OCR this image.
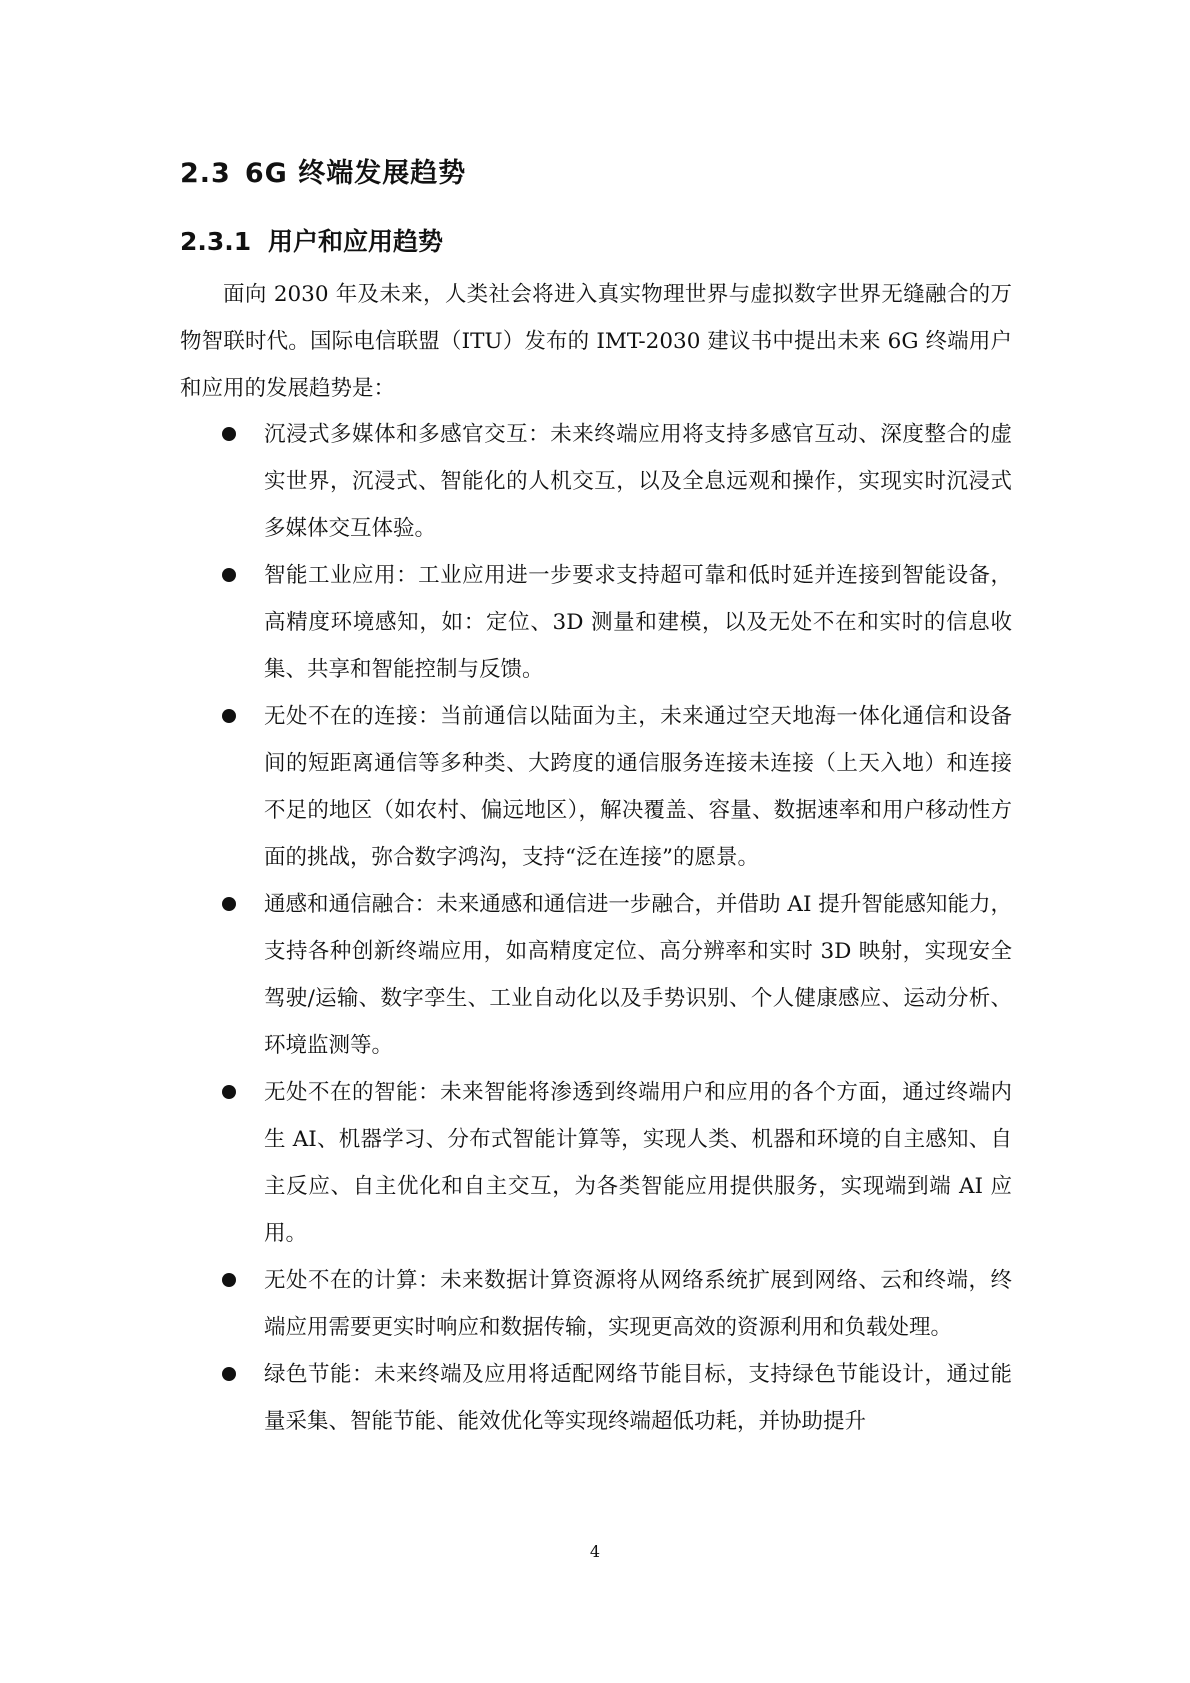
2.3 6G 终端发展趋势
2.3.1 用户和应用趋势

面向 2030 年及未来，人类社会将进入真实物理世界与虚拟数字世界无缝融合的万物智联时代。国际电信联盟（ITU）发布的 IMT-2030 建议书中提出未来 6G 终端用户和应用的发展趋势是：

沉浸式多媒体和多感官交互：未来终端应用将支持多感官互动、深度整合的虚实世界，沉浸式、智能化的人机交互，以及全息远观和操作，实现实时沉浸式多媒体交互体验。
智能工业应用：工业应用进一步要求支持超可靠和低时延并连接到智能设备，高精度环境感知，如：定位、3D 测量和建模，以及无处不在和实时的信息收集、共享和智能控制与反馈。
无处不在的连接：当前通信以陆面为主，未来通过空天地海一体化通信和设备间的短距离通信等多种类、大跨度的通信服务连接未连接（上天入地）和连接不足的地区（如农村、偏远地区），解决覆盖、容量、数据速率和用户移动性方面的挑战，弥合数字鸿沟，支持“泛在连接”的愿景。
通感和通信融合：未来通感和通信进一步融合，并借助 AI 提升智能感知能力，支持各种创新终端应用，如高精度定位、高分辨率和实时 3D 映射，实现安全驾驶/运输、数字孪生、工业自动化以及手势识别、个人健康感应、运动分析、环境监测等。
无处不在的智能：未来智能将渗透到终端用户和应用的各个方面，通过终端内生 AI、机器学习、分布式智能计算等，实现人类、机器和环境的自主感知、自主反应、自主优化和自主交互，为各类智能应用提供服务，实现端到端 AI 应用。
无处不在的计算：未来数据计算资源将从网络系统扩展到网络、云和终端，终端应用需要更实时响应和数据传输，实现更高效的资源利用和负载处理。
绿色节能：未来终端及应用将适配网络节能目标，支持绿色节能设计，通过能量采集、智能节能、能效优化等实现终端超低功耗，并协助提升
4
